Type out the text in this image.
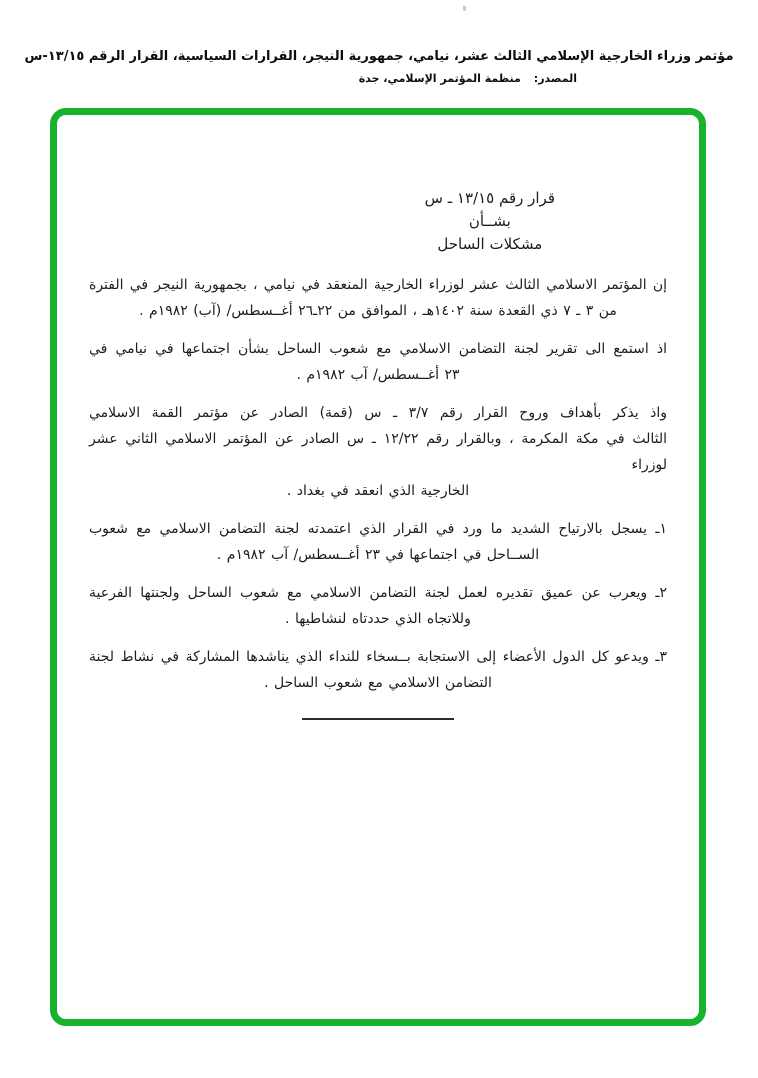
مؤتمر وزراء الخارجية الإسلامي الثالث عشر، نيامي، جمهورية النيجر، القرارات السياسية، القرار الرقم ١٣/١٥-س
المصدر:منظمة المؤتمر الإسلامي، جدة
قرار رقم ١٣/١٥ ـ س
بشــأن
مشكلات الساحل
إن المؤتمر الاسلامي الثالث عشر لوزراء الخارجية المنعقد في نيامي ، بجمهورية النيجر في الفترة
من ٣ ـ ٧ ذي القعدة سنة ١٤٠٢هـ ، الموافق من ٢٢ـ٢٦ أغــسطس/ (آب) ١٩٨٢م .
اذ استمع الى تقرير لجنة التضامن الاسلامي مع شعوب الساحل بشأن اجتماعها في نيامي في
٢٣ أغــسطس/ آب ١٩٨٢م .
واذ يذكر بأهداف وروح القرار رقم ٣/٧ ـ س (قمة) الصادر عن مؤتمر القمة الاسلامي
الثالث في مكة المكرمة ، وبالقرار رقم ١٢/٢٢ ـ س الصادر عن المؤتمر الاسلامي الثاني عشر لوزراء
الخارجية الذي انعقد في بغداد .
١ـ يسجل بالارتياح الشديد ما ورد في القرار الذي اعتمدته لجنة التضامن الاسلامي مع شعوب
الســاحل في اجتماعها في ٢٣ أغــسطس/ آب ١٩٨٢م .
٢ـ ويعرب عن عميق تقديره لعمل لجنة التضامن الاسلامي مع شعوب الساحل ولجنتها الفرعية
وللاتجاه الذي حددتاه لنشاطيها .
٣ـ ويدعو كل الدول الأعضاء إلى الاستجابة بــسخاء للنداء الذي يناشدها المشاركة في نشاط لجنة
التضامن الاسلامي مع شعوب الساحل .
